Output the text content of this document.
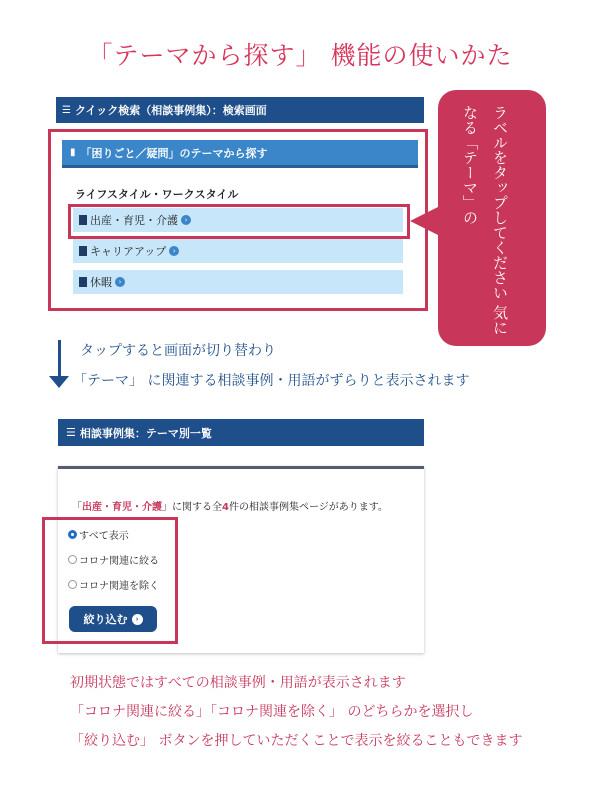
「テーマから探す」 機能の使いかた
☰ クイック検索（相談事例集）：検索画面
▮ 「困りごと／疑問」のテーマから探す
ライフスタイル・ワークスタイル
出産・育児・介護 ›
キャリアアップ ›
休暇 ›	ラベルをタップしてください 気になる「テーマ」の
タップすると画面が切り替わり
「テーマ」 に関連する相談事例・用語がずらりと表示されます
☰ 相談事例集：テーマ別一覧
「出産・育児・介護」に関する全4件の相談事例集ページがあります。
すべて表示
コロナ関連に絞る
コロナ関連を除く
絞り込む	›
初期状態ではすべての相談事例・用語が表示されます
「コロナ関連に絞る」「コロナ関連を除く」 のどちらかを選択し
「絞り込む」 ボタンを押していただくことで表示を絞ることもできます
